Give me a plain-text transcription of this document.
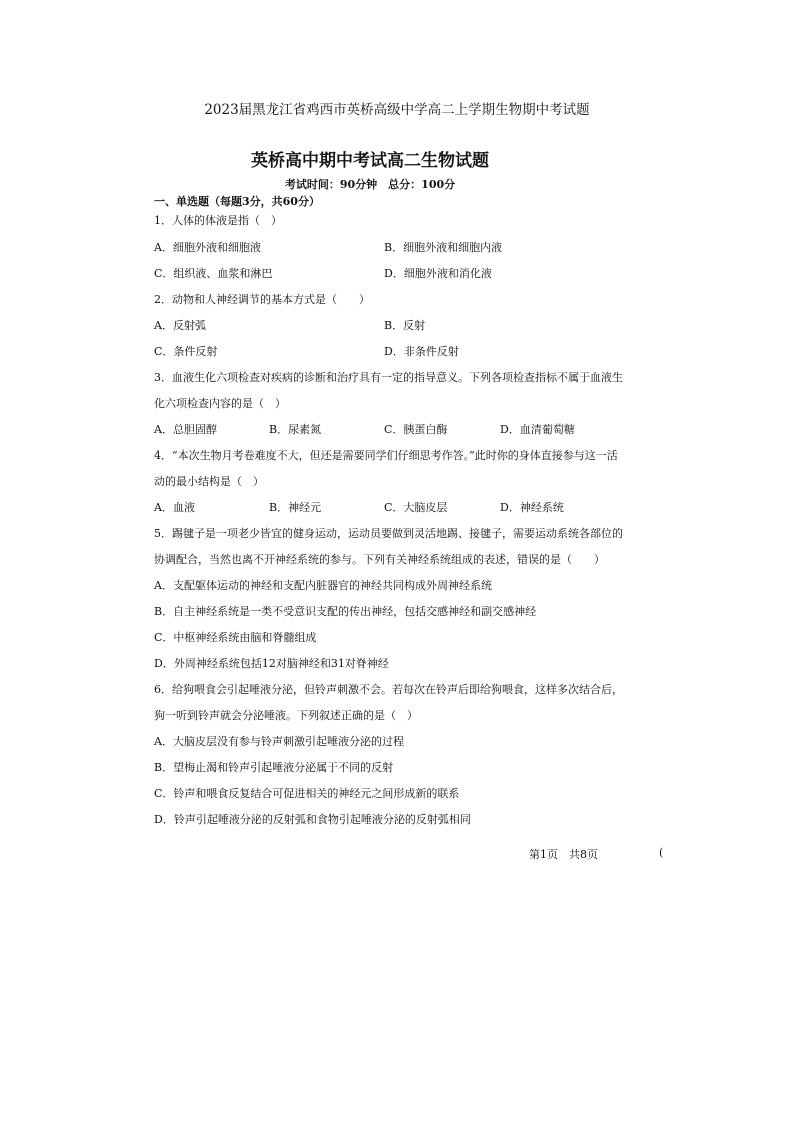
2023届黑龙江省鸡西市英桥高级中学高二上学期生物期中考试题
英桥高中期中考试高二生物试题
考试时间：90分钟　总分：100分
一、单选题（每题3分，共60分）
1．人体的体液是指（　）
A．细胞外液和细胞液	B．细胞外液和细胞内液
C．组织液、血浆和淋巴	D．细胞外液和消化液
2．动物和人神经调节的基本方式是（　　）
A．反射弧	B．反射
C．条件反射	D．非条件反射
3．血液生化六项检查对疾病的诊断和治疗具有一定的指导意义。下列各项检查指标不属于血液生
化六项检查内容的是（　）
A．总胆固醇	B．尿素氮	C．胰蛋白酶	D．血清葡萄糖
4．“本次生物月考卷难度不大，但还是需要同学们仔细思考作答。”此时你的身体直接参与这一活
动的最小结构是（　）
A．血液	B．神经元	C．大脑皮层	D．神经系统
5．踢毽子是一项老少皆宜的健身运动，运动员要做到灵活地踢、接毽子，需要运动系统各部位的
协调配合，当然也离不开神经系统的参与。下列有关神经系统组成的表述，错误的是（　　）
A．支配躯体运动的神经和支配内脏器官的神经共同构成外周神经系统
B．自主神经系统是一类不受意识支配的传出神经，包括交感神经和副交感神经
C．中枢神经系统由脑和脊髓组成
D．外周神经系统包括12对脑神经和31对脊神经
6．给狗喂食会引起唾液分泌，但铃声刺激不会。若每次在铃声后即给狗喂食，这样多次结合后，
狗一听到铃声就会分泌唾液。下列叙述正确的是（　）
A．大脑皮层没有参与铃声刺激引起唾液分泌的过程
B．望梅止渴和铃声引起唾液分泌属于不同的反射
C．铃声和喂食反复结合可促进相关的神经元之间形成新的联系
D．铃声引起唾液分泌的反射弧和食物引起唾液分泌的反射弧相同
第1页　共8页	(
